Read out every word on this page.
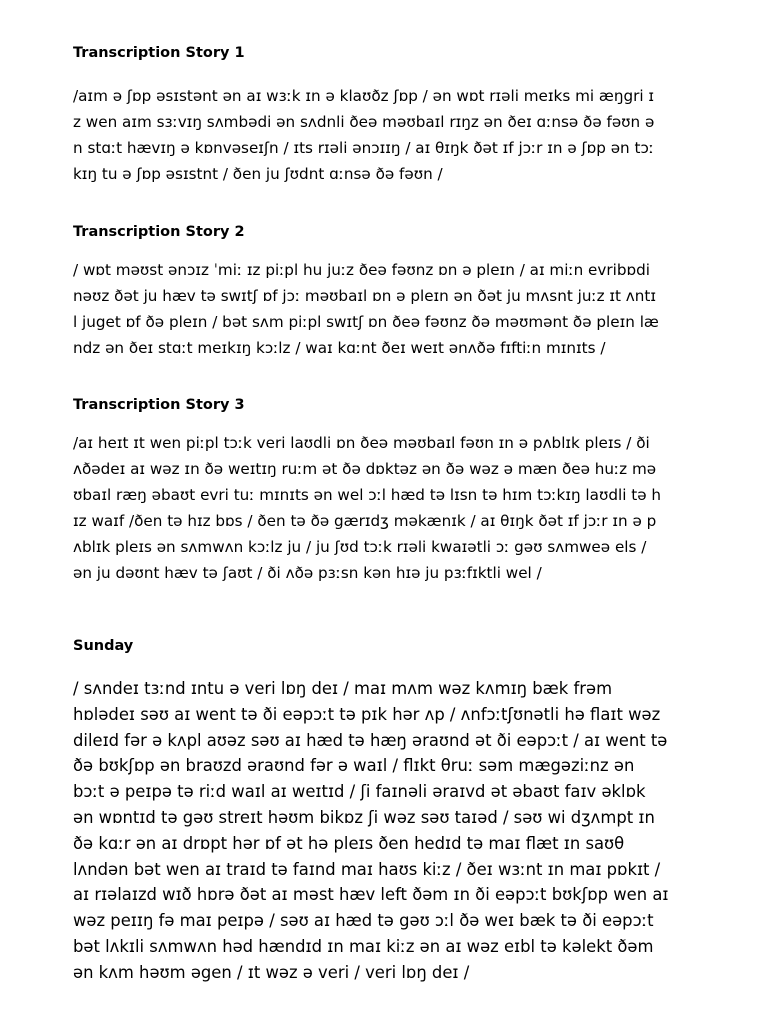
Transcription Story 1
/aɪm ə ʃɒp əsɪstənt ən aɪ wɜːk ɪn ə klaʊðz ʃɒp / ən wɒt rɪəli meɪks mi æŋgri ɪ
z wen aɪm sɜːvɪŋ sʌmbədi ən sʌdnli ðeə məʊbaɪl rɪŋz ən ðeɪ ɑːnsə ðə fəʊn ə
n stɑːt hævɪŋ ə kɒnvəseɪʃn / ɪts rɪəli ənɔɪɪŋ / aɪ θɪŋk ðət ɪf jɔːr ɪn ə ʃɒp ən tɔː
kɪŋ tu ə ʃɒp əsɪstnt / ðen ju ʃʊdnt ɑːnsə ðə fəʊn /
Transcription Story 2
/ wɒt məʊst ənɔɪz ˈmiː ɪz piːpl hu juːz ðeə fəʊnz ɒn ə pleɪn / aɪ miːn evribɒdi
nəʊz ðət ju hæv tə swɪtʃ ɒf jɔː məʊbaɪl ɒn ə pleɪn ən ðət ju mʌsnt juːz ɪt ʌntɪ
l juget ɒf ðə pleɪn / bət sʌm piːpl swɪtʃ ɒn ðeə fəʊnz ðə məʊmənt ðə pleɪn læ
ndz ən ðeɪ stɑːt meɪkɪŋ kɔːlz / waɪ kɑːnt ðeɪ weɪt ənʌðə fɪftiːn mɪnɪts /
Transcription Story 3
/aɪ heɪt ɪt wen piːpl tɔːk veri laʊdli ɒn ðeə məʊbaɪl fəʊn ɪn ə pʌblɪk pleɪs / ði
ʌðədeɪ aɪ wəz ɪn ðə weɪtɪŋ ruːm ət ðə dɒktəz ən ðə wəz ə mæn ðeə huːz mə
ʊbaɪl ræŋ əbaʊt evri tuː mɪnɪts ən wel ɔːl hæd tə lɪsn tə hɪm tɔːkɪŋ laʊdli tə h
ɪz waɪf /ðen tə hɪz bɒs / ðen tə ðə gærɪdʒ məkænɪk / aɪ θɪŋk ðət ɪf jɔːr ɪn ə p
ʌblɪk pleɪs ən sʌmwʌn kɔːlz ju / ju ʃʊd tɔːk rɪəli kwaɪətli ɔː gəʊ sʌmweə els /
ən ju dəʊnt hæv tə ʃaʊt / ði ʌðə pɜːsn kən hɪə ju pɜːfɪktli wel /
Sunday
/ sʌndeɪ tɜːnd ɪntu ə veri lɒŋ deɪ / maɪ mʌm wəz kʌmɪŋ bæk frəm
hɒlədeɪ səʊ aɪ went tə ði eəpɔːt tə pɪk hər ʌp / ʌnfɔːtʃʊnətli hə flaɪt wəz
dileɪd fər ə kʌpl aʊəz səʊ aɪ hæd tə hæŋ əraʊnd ət ði eəpɔːt / aɪ went tə
ðə bʊkʃɒp ən braʊzd əraʊnd fər ə waɪl / flɪkt θruː səm mægəziːnz ən
bɔːt ə peɪpə tə riːd waɪl aɪ weɪtɪd / ʃi faɪnəli əraɪvd ət əbaʊt faɪv əklɒk
ən wɒntɪd tə gəʊ streɪt həʊm bikɒz ʃi wəz səʊ taɪəd / səʊ wi dʒʌmpt ɪn
ðə kɑːr ən aɪ drɒpt hər ɒf ət hə pleɪs ðen hedɪd tə maɪ flæt ɪn saʊθ
lʌndən bət wen aɪ traɪd tə faɪnd maɪ haʊs kiːz / ðeɪ wɜːnt ɪn maɪ pɒkɪt /
aɪ rɪəlaɪzd wɪð hɒrə ðət aɪ məst hæv left ðəm ɪn ði eəpɔːt bʊkʃɒp wen aɪ
wəz peɪɪŋ fə maɪ peɪpə / səʊ aɪ hæd tə gəʊ ɔːl ðə weɪ bæk tə ði eəpɔːt
bət lʌkɪli sʌmwʌn həd hændɪd ɪn maɪ kiːz ən aɪ wəz eɪbl tə kəlekt ðəm
ən kʌm həʊm əgen / ɪt wəz ə veri / veri lɒŋ deɪ /
